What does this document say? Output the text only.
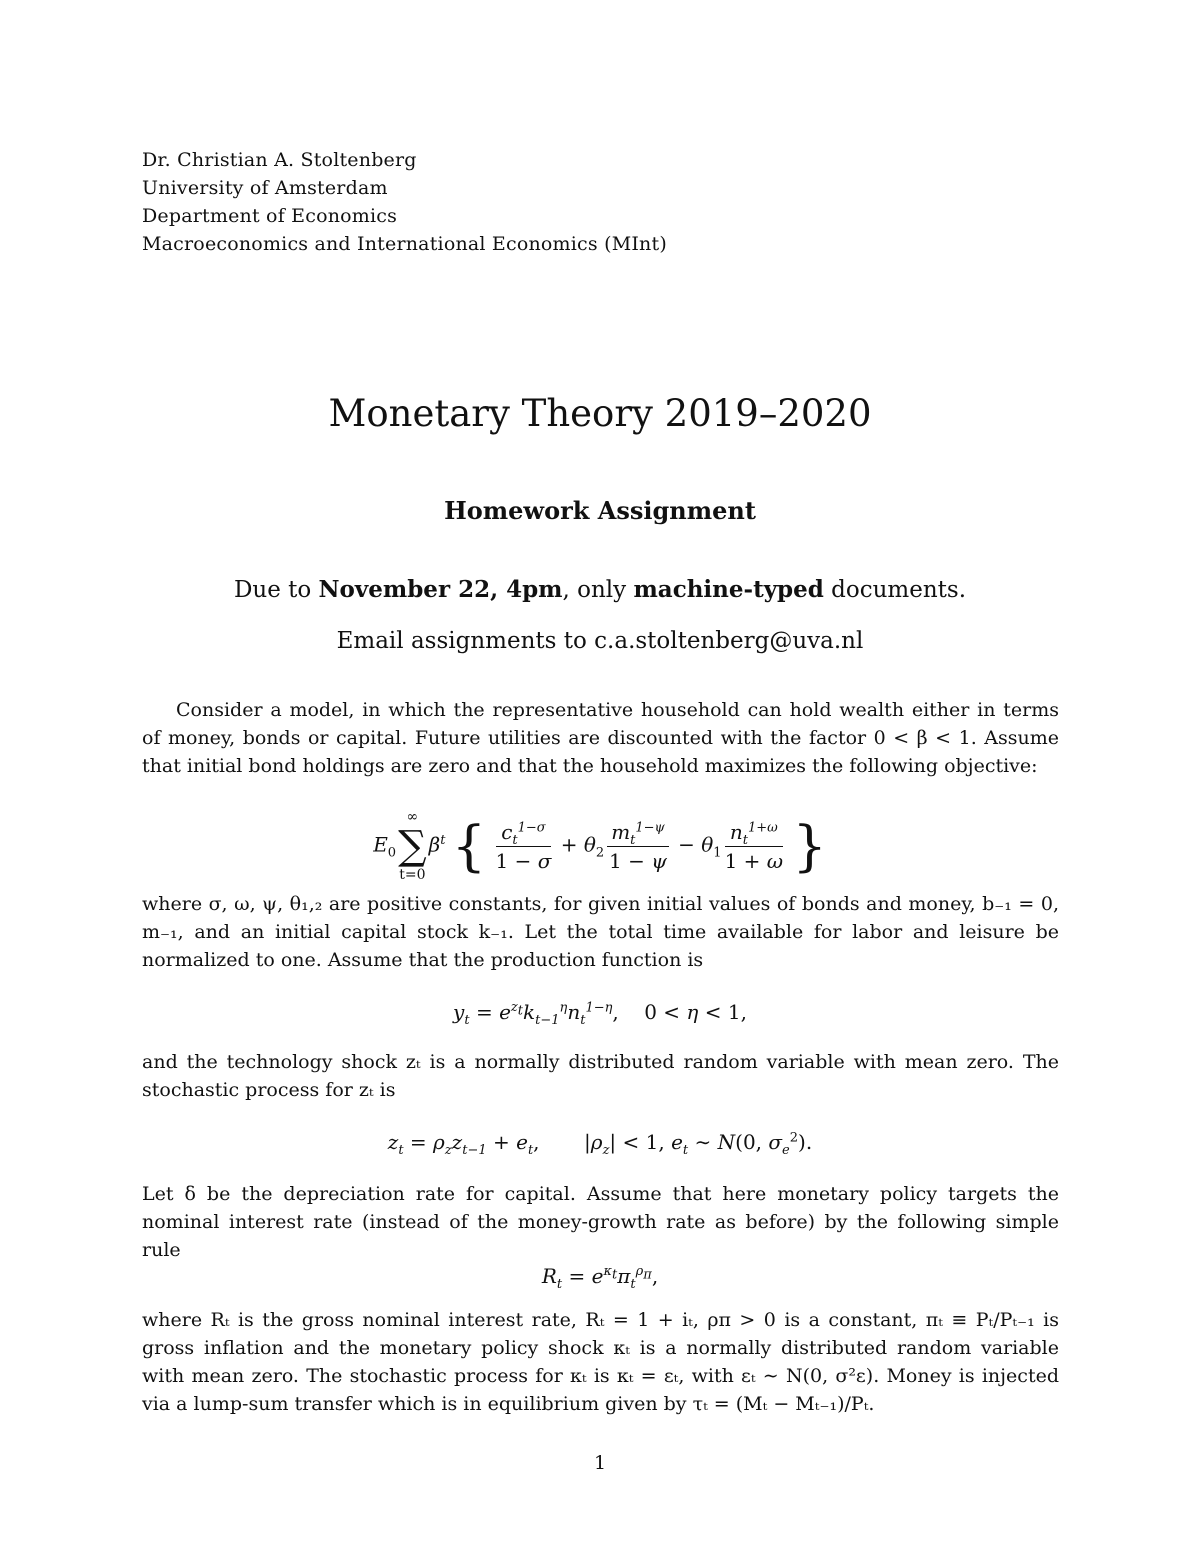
Dr. Christian A. Stoltenberg
University of Amsterdam
Department of Economics
Macroeconomics and International Economics (MInt)
Monetary Theory 2019–2020
Homework Assignment
Due to November 22, 4pm, only machine-typed documents.
Email assignments to c.a.stoltenberg@uva.nl
Consider a model, in which the representative household can hold wealth either in terms of money, bonds or capital. Future utilities are discounted with the factor 0 < β < 1. Assume that initial bond holdings are zero and that the household maximizes the following objective:
$E_0$
∞
∑
t=0
$\beta^t$ { $\frac{c_t^{1-\sigma}}{1 - \sigma} + \theta_2 \frac{m_t^{1-\psi}}{1 - \psi} - \theta_1 \frac{n_t^{1+\omega}}{1 + \omega}$ }
where σ, ω, ψ, θ₁,₂ are positive constants, for given initial values of bonds and money, b₋₁ = 0, m₋₁, and an initial capital stock k₋₁. Let the total time available for labor and leisure be normalized to one. Assume that the production function is
$y_t = e^{z_t}k_{t-1}^\eta n_t^{1-\eta}$, 0 < η < 1,
and the technology shock zₜ is a normally distributed random variable with mean zero. The stochastic process for zₜ is
$z_t = \rho_zz_{t-1} + e_t$, $|\rho_z| < 1$, $e_t$ ∼ N(0, $\sigma_e^2$).
Let δ be the depreciation rate for capital. Assume that here monetary policy targets the nominal interest rate (instead of the money-growth rate as before) by the following simple rule
$R_t = e^{\kappa_t}\pi_t^{\rho_\pi}$,
where Rₜ is the gross nominal interest rate, Rₜ = 1 + iₜ, ρπ > 0 is a constant, πₜ ≡ Pₜ/Pₜ₋₁ is gross inflation and the monetary policy shock κₜ is a normally distributed random variable with mean zero. The stochastic process for κₜ is κₜ = εₜ, with εₜ ∼ N(0, σ²ε). Money is injected via a lump-sum transfer which is in equilibrium given by τₜ = (Mₜ − Mₜ₋₁)/Pₜ.
1
